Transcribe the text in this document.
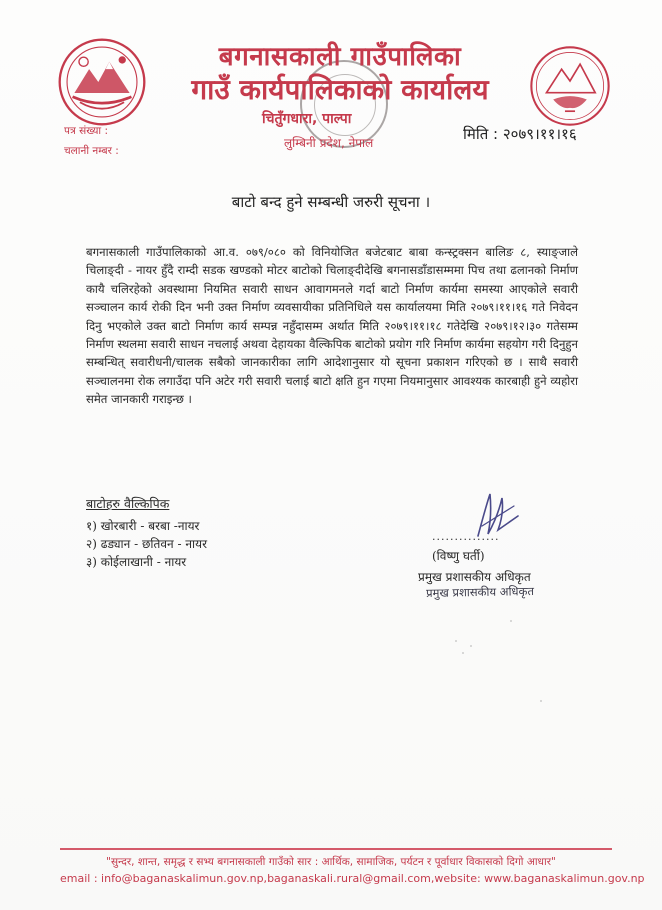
बगनासकाली गाउँपालिका
गाउँ कार्यपालिकाको कार्यालय
चितुँगधारा, पाल्पा
लुम्बिनी प्रदेश, नेपाल
पत्र संख्या :
चलानी नम्बर :
मिति : २०७९।११।१६
बाटो बन्द हुने सम्बन्धी जरुरी सूचना ।

बगनासकाली गाउँपालिकाको आ.व. ०७९/०८० को विनियोजित बजेटबाट बाबा कन्स्ट्रक्सन बालिङ ८, स्याङ्जाले चिलाङ्दी - नायर हुँदै राम्दी सडक खण्डको मोटर बाटोको चिलाङ्दीदेखि बगनासडाँडासम्ममा पिच तथा ढलानको निर्माण कायै चलिरहेको अवस्थामा नियमित सवारी साधन आवागमनले गर्दा बाटो निर्माण कार्यमा समस्या आएकोले सवारी सञ्चालन कार्य रोकी दिन भनी उक्त निर्माण व्यवसायीका प्रतिनिधिले यस कार्यालयमा मिति २०७९।११।१६ गते निवेदन दिनु भएकोले उक्त बाटो निर्माण कार्य सम्पन्न नहुँदासम्म अर्थात मिति २०७९।११।१८ गतेदेखि २०७९।१२।३० गतेसम्म निर्माण स्थलमा सवारी साधन नचलाई अथवा देहायका वैल्किपिक बाटोको प्रयोग गरि निर्माण कार्यमा सहयोग गरी दिनुहुन सम्बन्धित् सवारीधनी/चालक सबैको जानकारीका लागि आदेशानुसार यो सूचना प्रकाशन गरिएको छ । साथै सवारी सञ्चालनमा रोक लगाउँदा पनि अटेर गरी सवारी चलाई बाटो क्षति हुन गएमा नियमानुसार आवश्यक कारबाही हुने व्यहोरा समेत जानकारी गराइन्छ ।

बाटोहरु वैल्किपिक
१) खोरबारी - बरबा -नायर
२) ढड्यान - छतिवन - नायर
३) कोईलाखानी - नायर
...............
(विष्णु घर्ती)
प्रमुख प्रशासकीय अधिकृत
प्रमुख प्रशासकीय अधिकृत
"सुन्दर, शान्त, समृद्ध र सभ्य बगनासकाली गाउँको सार : आर्थिक, सामाजिक, पर्यटन र पूर्वाधार विकासको दिगो आधार"
email : info@baganaskalimun.gov.np, baganaskali.rural@gmail.com, website: www.baganaskalimun.gov.np
